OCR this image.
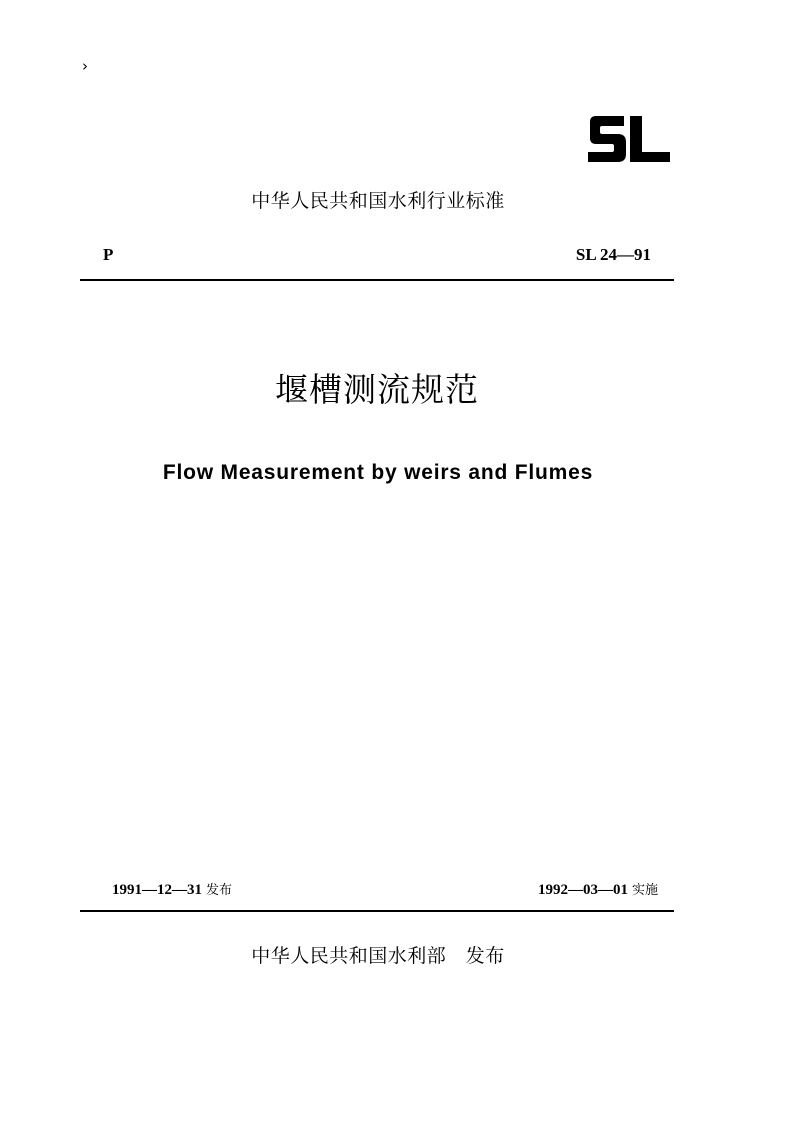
›
中华人民共和国水利行业标准
P	SL 24—91
堰槽测流规范
Flow Measurement by weirs and Flumes
1991—12—31 发布	1992—03—01 实施
中华人民共和国水利部   发布
